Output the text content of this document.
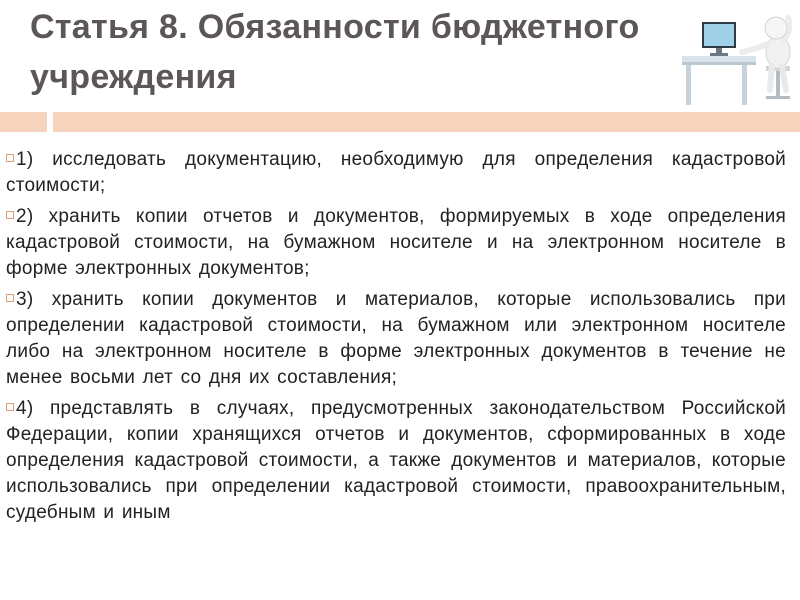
Статья 8. Обязанности бюджетного учреждения

1) исследовать документацию, необходимую для определения кадастровой стоимости;

2) хранить копии отчетов и документов, формируемых в ходе определения кадастровой стоимости, на бумажном носителе и на электронном носителе в форме электронных документов;

3) хранить копии документов и материалов, которые использовались при определении кадастровой стоимости, на бумажном или электронном носителе либо на электронном носителе в форме электронных документов в течение не менее восьми лет со дня их составления;

4) представлять в случаях, предусмотренных законодательством Российской Федерации, копии хранящихся отчетов и документов, сформированных в ходе определения кадастровой стоимости, а также документов и материалов, которые использовались при определении кадастровой стоимости, правоохранительным, судебным и иным
